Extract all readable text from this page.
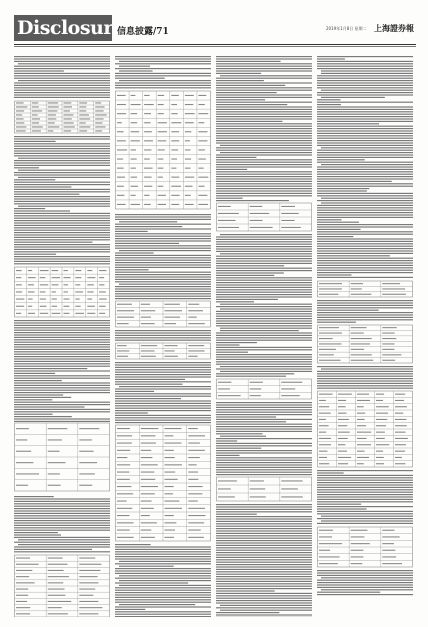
Disclosure
信息披露/71	2019年1月8日 星期二 上海證券報
